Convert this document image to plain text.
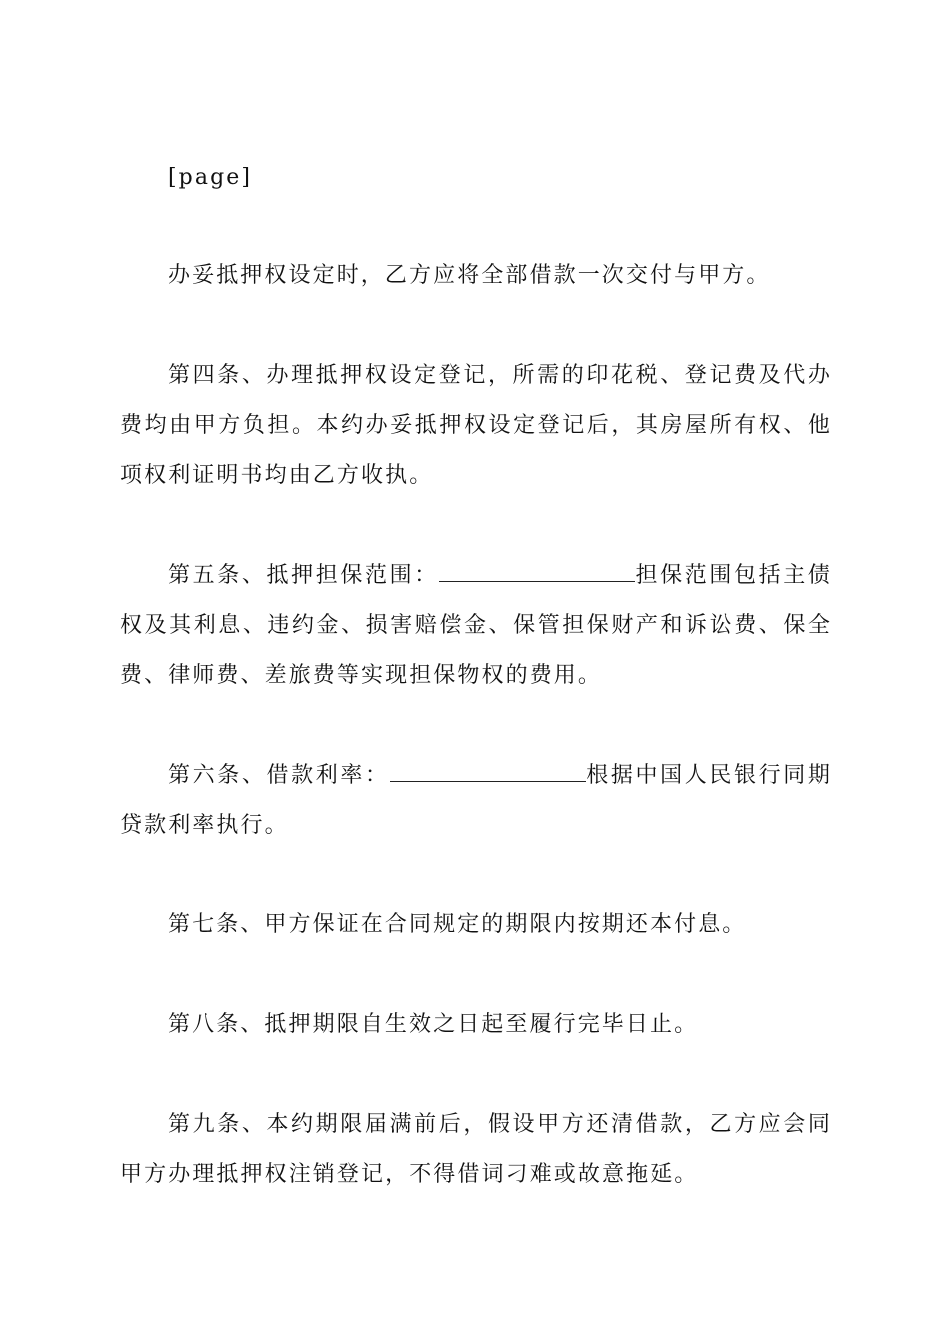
[page]

办妥抵押权设定时，乙方应将全部借款一次交付与甲方。

第四条、办理抵押权设定登记，所需的印花税、登记费及代办费均由甲方负担。本约办妥抵押权设定登记后，其房屋所有权、他项权利证明书均由乙方收执。

第五条、抵押担保范围：	担保范围包括主债权及其利息、违约金、损害赔偿金、保管担保财产和诉讼费、保全费、律师费、差旅费等实现担保物权的费用。

第六条、借款利率：	根据中国人民银行同期贷款利率执行。

第七条、甲方保证在合同规定的期限内按期还本付息。

第八条、抵押期限自生效之日起至履行完毕日止。

第九条、本约期限届满前后，假设甲方还清借款，乙方应会同甲方办理抵押权注销登记，不得借词刁难或故意拖延。
